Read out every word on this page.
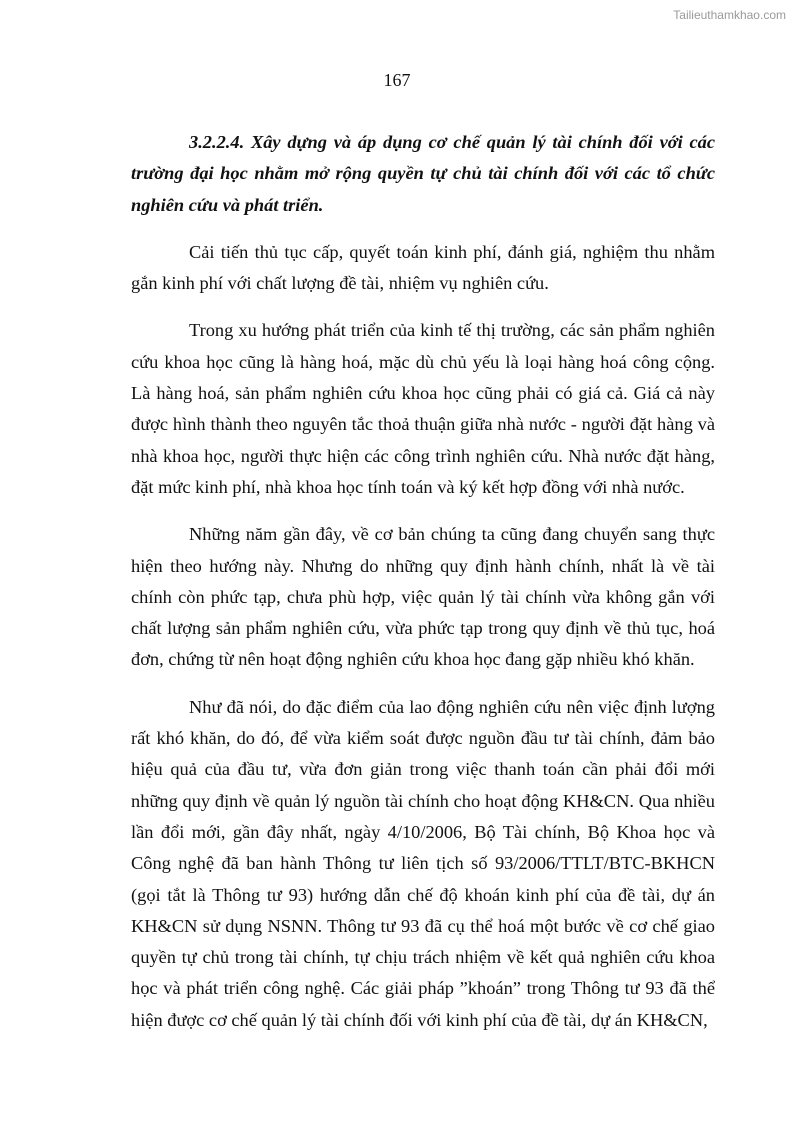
Tailieuthamkhao.com
167

3.2.2.4. Xây dựng và áp dụng cơ chế quản lý tài chính đối với các trường đại học nhằm mở rộng quyền tự chủ tài chính đối với các tổ chức nghiên cứu và phát triển.

Cải tiến thủ tục cấp, quyết toán kinh phí, đánh giá, nghiệm thu nhằm gắn kinh phí với chất lượng đề tài, nhiệm vụ nghiên cứu.

Trong xu hướng phát triển của kinh tế thị trường, các sản phẩm nghiên cứu khoa học cũng là hàng hoá, mặc dù chủ yếu là loại hàng hoá công cộng. Là hàng hoá, sản phẩm nghiên cứu khoa học cũng phải có giá cả. Giá cả này được hình thành theo nguyên tắc thoả thuận giữa nhà nước - người đặt hàng và nhà khoa học, người thực hiện các công trình nghiên cứu. Nhà nước đặt hàng, đặt mức kinh phí, nhà khoa học tính toán và ký kết hợp đồng với nhà nước.

Những năm gần đây, về cơ bản chúng ta cũng đang chuyển sang thực hiện theo hướng này. Nhưng do những quy định hành chính, nhất là về tài chính còn phức tạp, chưa phù hợp, việc quản lý tài chính vừa không gắn với chất lượng sản phẩm nghiên cứu, vừa phức tạp trong quy định về thủ tục, hoá đơn, chứng từ nên hoạt động nghiên cứu khoa học đang gặp nhiều khó khăn.

Như đã nói, do đặc điểm của lao động nghiên cứu nên việc định lượng rất khó khăn, do đó, để vừa kiểm soát được nguồn đầu tư tài chính, đảm bảo hiệu quả của đầu tư, vừa đơn giản trong việc thanh toán cần phải đổi mới những quy định về quản lý nguồn tài chính cho hoạt động KH&CN. Qua nhiều lần đổi mới, gần đây nhất, ngày 4/10/2006, Bộ Tài chính, Bộ Khoa học và Công nghệ đã ban hành Thông tư liên tịch số 93/2006/TTLT/BTC-BKHCN (gọi tắt là Thông tư 93) hướng dẫn chế độ khoán kinh phí của đề tài, dự án KH&CN sử dụng NSNN. Thông tư 93 đã cụ thể hoá một bước về cơ chế giao quyền tự chủ trong tài chính, tự chịu trách nhiệm về kết quả nghiên cứu khoa học và phát triển công nghệ. Các giải pháp ”khoán” trong Thông tư 93 đã thể hiện được cơ chế quản lý tài chính đối với kinh phí của đề tài, dự án KH&CN,
